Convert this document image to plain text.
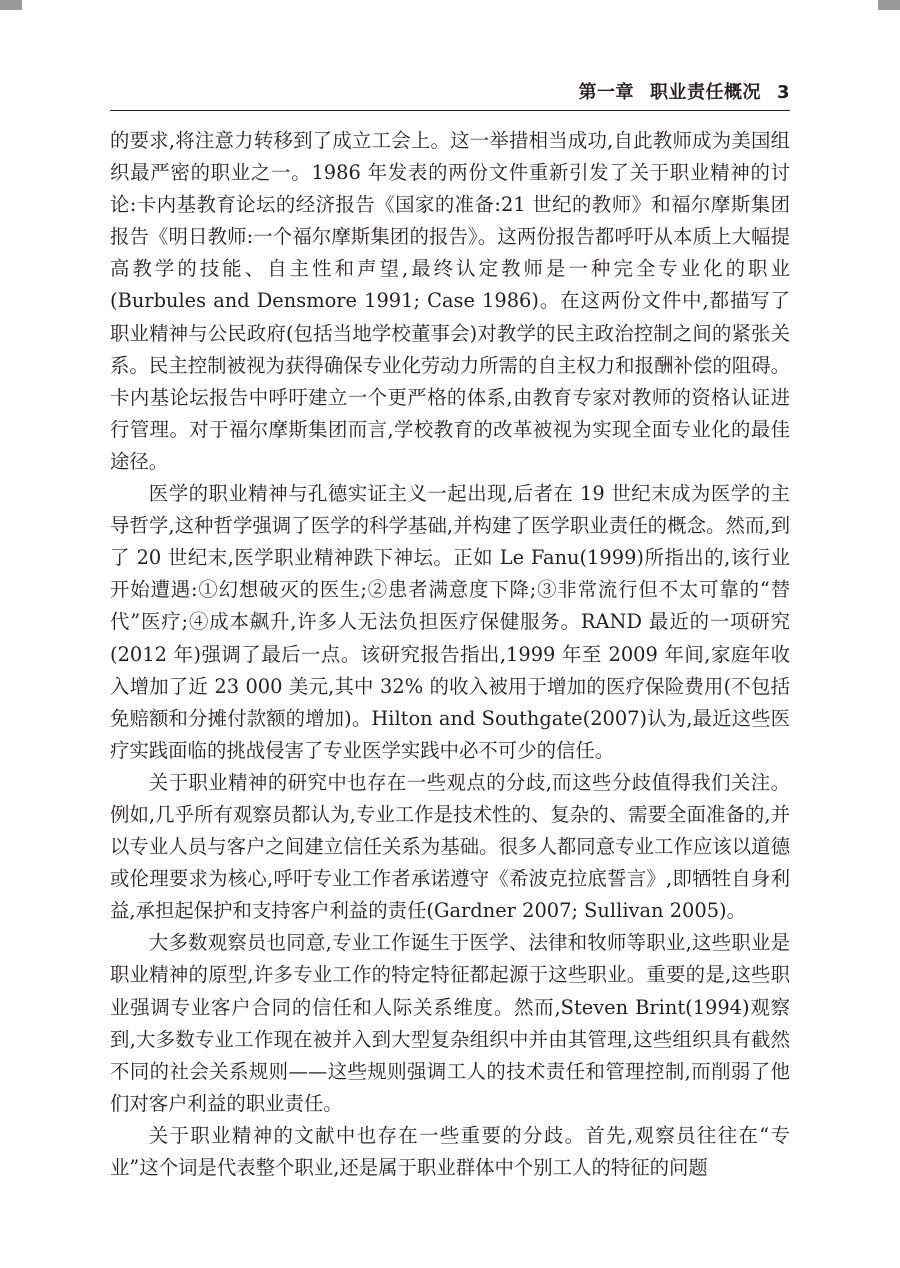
第一章 职业责任概况 3

的要求,将注意力转移到了成立工会上。这一举措相当成功,自此教师成为美国组织最严密的职业之一。1986 年发表的两份文件重新引发了关于职业精神的讨论:卡内基教育论坛的经济报告《国家的准备:21 世纪的教师》和福尔摩斯集团报告《明日教师:一个福尔摩斯集团的报告》。这两份报告都呼吁从本质上大幅提高教学的技能、自主性和声望,最终认定教师是一种完全专业化的职业(Burbules and Densmore 1991; Case 1986)。在这两份文件中,都描写了职业精神与公民政府(包括当地学校董事会)对教学的民主政治控制之间的紧张关系。民主控制被视为获得确保专业化劳动力所需的自主权力和报酬补偿的阻碍。卡内基论坛报告中呼吁建立一个更严格的体系,由教育专家对教师的资格认证进行管理。对于福尔摩斯集团而言,学校教育的改革被视为实现全面专业化的最佳途径。

医学的职业精神与孔德实证主义一起出现,后者在 19 世纪末成为医学的主导哲学,这种哲学强调了医学的科学基础,并构建了医学职业责任的概念。然而,到了 20 世纪末,医学职业精神跌下神坛。正如 Le Fanu(1999)所指出的,该行业开始遭遇:①幻想破灭的医生;②患者满意度下降;③非常流行但不太可靠的“替代”医疗;④成本飙升,许多人无法负担医疗保健服务。RAND 最近的一项研究(2012 年)强调了最后一点。该研究报告指出,1999 年至 2009 年间,家庭年收入增加了近 23 000 美元,其中 32% 的收入被用于增加的医疗保险费用(不包括免赔额和分摊付款额的增加)。Hilton and Southgate(2007)认为,最近这些医疗实践面临的挑战侵害了专业医学实践中必不可少的信任。

关于职业精神的研究中也存在一些观点的分歧,而这些分歧值得我们关注。例如,几乎所有观察员都认为,专业工作是技术性的、复杂的、需要全面准备的,并以专业人员与客户之间建立信任关系为基础。很多人都同意专业工作应该以道德或伦理要求为核心,呼吁专业工作者承诺遵守《希波克拉底誓言》,即牺牲自身利益,承担起保护和支持客户利益的责任(Gardner 2007; Sullivan 2005)。

大多数观察员也同意,专业工作诞生于医学、法律和牧师等职业,这些职业是职业精神的原型,许多专业工作的特定特征都起源于这些职业。重要的是,这些职业强调专业客户合同的信任和人际关系维度。然而,Steven Brint(1994)观察到,大多数专业工作现在被并入到大型复杂组织中并由其管理,这些组织具有截然不同的社会关系规则——这些规则强调工人的技术责任和管理控制,而削弱了他们对客户利益的职业责任。

关于职业精神的文献中也存在一些重要的分歧。首先,观察员往往在“专业”这个词是代表整个职业,还是属于职业群体中个别工人的特征的问题
